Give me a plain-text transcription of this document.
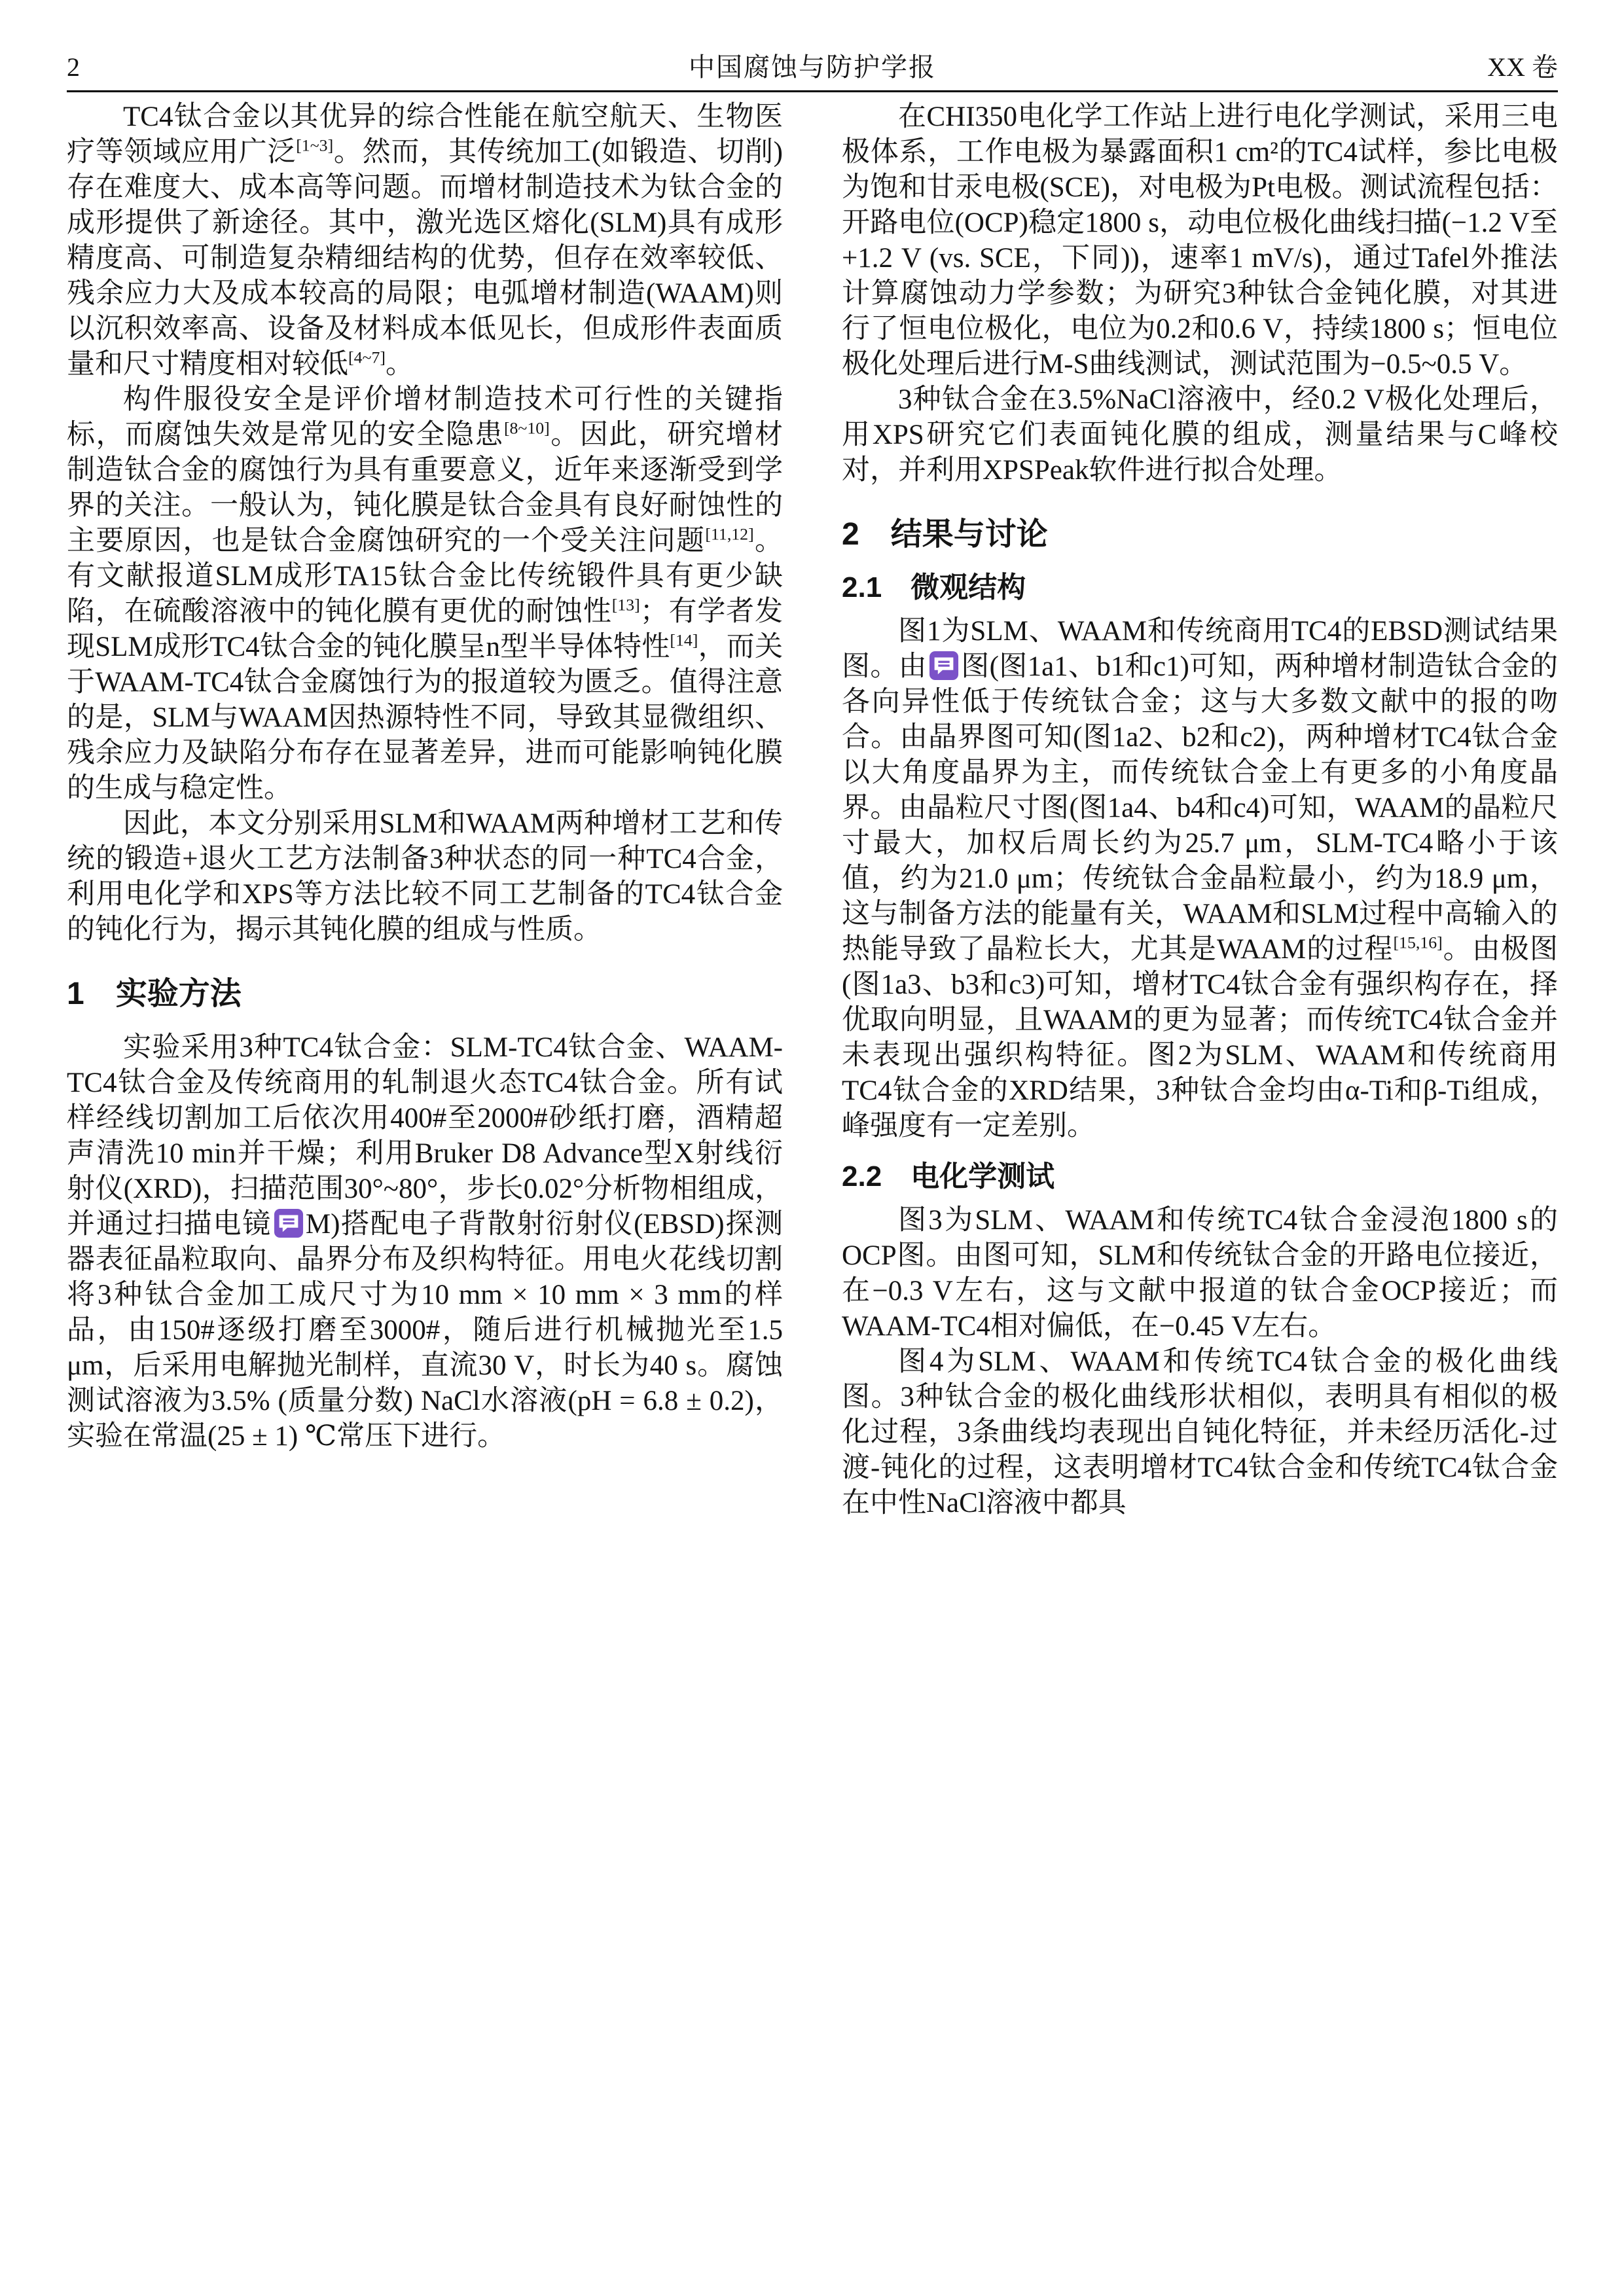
2	中国腐蚀与防护学报	XX 卷

TC4钛合金以其优异的综合性能在航空航天、生物医疗等领域应用广泛[1~3]。然而，其传统加工(如锻造、切削)存在难度大、成本高等问题。而增材制造技术为钛合金的成形提供了新途径。其中，激光选区熔化(SLM)具有成形精度高、可制造复杂精细结构的优势，但存在效率较低、残余应力大及成本较高的局限；电弧增材制造(WAAM)则以沉积效率高、设备及材料成本低见长，但成形件表面质量和尺寸精度相对较低[4~7]。

构件服役安全是评价增材制造技术可行性的关键指标，而腐蚀失效是常见的安全隐患[8~10]。因此，研究增材制造钛合金的腐蚀行为具有重要意义，近年来逐渐受到学界的关注。一般认为，钝化膜是钛合金具有良好耐蚀性的主要原因，也是钛合金腐蚀研究的一个受关注问题[11,12]。有文献报道SLM成形TA15钛合金比传统锻件具有更少缺陷，在硫酸溶液中的钝化膜有更优的耐蚀性[13]；有学者发现SLM成形TC4钛合金的钝化膜呈n型半导体特性[14]，而关于WAAM-TC4钛合金腐蚀行为的报道较为匮乏。值得注意的是，SLM与WAAM因热源特性不同，导致其显微组织、残余应力及缺陷分布存在显著差异，进而可能影响钝化膜的生成与稳定性。

因此，本文分别采用SLM和WAAM两种增材工艺和传统的锻造+退火工艺方法制备3种状态的同一种TC4合金，利用电化学和XPS等方法比较不同工艺制备的TC4钛合金的钝化行为，揭示其钝化膜的组成与性质。

1　实验方法

实验采用3种TC4钛合金：SLM-TC4钛合金、WAAM-TC4钛合金及传统商用的轧制退火态TC4钛合金。所有试样经线切割加工后依次用400#至2000#砂纸打磨，酒精超声清洗10 min并干燥；利用Bruker D8 Advance型X射线衍射仪(XRD)，扫描范围30°~80°，步长0.02°分析物相组成，并通过扫描电镜 M)搭配电子背散射衍射仪(EBSD)探测器表征晶粒取向、晶界分布及织构特征。用电火花线切割将3种钛合金加工成尺寸为10 mm × 10 mm × 3 mm的样品，由150#逐级打磨至3000#，随后进行机械抛光至1.5 μm，后采用电解抛光制样，直流30 V，时长为40 s。腐蚀测试溶液为3.5% (质量分数) NaCl水溶液(pH = 6.8 ± 0.2)，实验在常温(25 ± 1) ℃常压下进行。

在CHI350电化学工作站上进行电化学测试，采用三电极体系，工作电极为暴露面积1 cm²的TC4试样，参比电极为饱和甘汞电极(SCE)，对电极为Pt电极。测试流程包括：开路电位(OCP)稳定1800 s，动电位极化曲线扫描(−1.2 V至+1.2 V (vs. SCE，下同))，速率1 mV/s)，通过Tafel外推法计算腐蚀动力学参数；为研究3种钛合金钝化膜，对其进行了恒电位极化，电位为0.2和0.6 V，持续1800 s；恒电位极化处理后进行M-S曲线测试，测试范围为−0.5~0.5 V。

3种钛合金在3.5%NaCl溶液中，经0.2 V极化处理后，用XPS研究它们表面钝化膜的组成，测量结果与C峰校对，并利用XPSPeak软件进行拟合处理。

2　结果与讨论
2.1　微观结构

图1为SLM、WAAM和传统商用TC4的EBSD测试结果图。由 图(图1a1、b1和c1)可知，两种增材制造钛合金的各向异性低于传统钛合金；这与大多数文献中的报的吻合。由晶界图可知(图1a2、b2和c2)，两种增材TC4钛合金以大角度晶界为主，而传统钛合金上有更多的小角度晶界。由晶粒尺寸图(图1a4、b4和c4)可知，WAAM的晶粒尺寸最大，加权后周长约为25.7 μm，SLM-TC4略小于该值，约为21.0 μm；传统钛合金晶粒最小，约为18.9 μm，这与制备方法的能量有关，WAAM和SLM过程中高输入的热能导致了晶粒长大，尤其是WAAM的过程[15,16]。由极图(图1a3、b3和c3)可知，增材TC4钛合金有强织构存在，择优取向明显，且WAAM的更为显著；而传统TC4钛合金并未表现出强织构特征。图2为SLM、WAAM和传统商用TC4钛合金的XRD结果，3种钛合金均由α-Ti和β-Ti组成，峰强度有一定差别。

2.2　电化学测试

图3为SLM、WAAM和传统TC4钛合金浸泡1800 s的OCP图。由图可知，SLM和传统钛合金的开路电位接近，在−0.3 V左右，这与文献中报道的钛合金OCP接近；而WAAM-TC4相对偏低，在−0.45 V左右。

图4为SLM、WAAM和传统TC4钛合金的极化曲线图。3种钛合金的极化曲线形状相似，表明具有相似的极化过程，3条曲线均表现出自钝化特征，并未经历活化-过渡-钝化的过程，这表明增材TC4钛合金和传统TC4钛合金在中性NaCl溶液中都具
